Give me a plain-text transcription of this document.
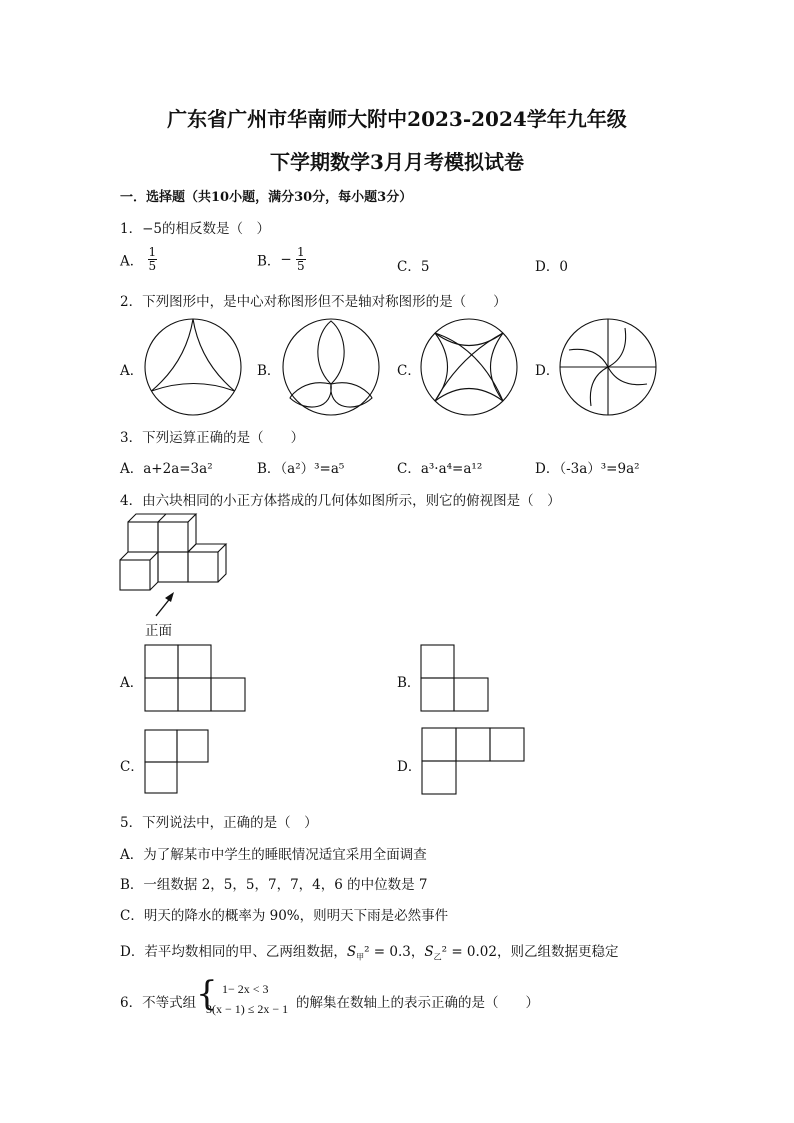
广东省广州市华南师大附中2023-2024学年九年级
下学期数学3月月考模拟试卷
一．选择题（共10小题，满分30分，每小题3分）
1．−5的相反数是（　）
A． $\frac{1}{5}$	B．− $\frac{1}{5}$	C．5	D．0
2．下列图形中，是中心对称图形但不是轴对称图形的是（　　）
A．	B．	C．	D．
3．下列运算正确的是（　　）
A．a+2a=3a²	B．（a²）³=a⁵	C．a³·a⁴=a¹²	D．（-3a）³=9a²
4．由六块相同的小正方体搭成的几何体如图所示，则它的俯视图是（　）
正面
A．	B．
C．	D．
5．下列说法中，正确的是（　）
A．为了解某市中学生的睡眠情况适宜采用全面调查
B．一组数据 2，5，5，7，7，4，6 的中位数是 7
C．明天的降水的概率为 90%，则明天下雨是必然事件
D．若平均数相同的甲、乙两组数据，$S_甲^2 = 0.3$，$S_乙^2 = 0.02$，则乙组数据更稳定
6．不等式组 { 1− 2x < 3
3(x − 1) ≤ 2x − 1 的解集在数轴上的表示正确的是（　　）
